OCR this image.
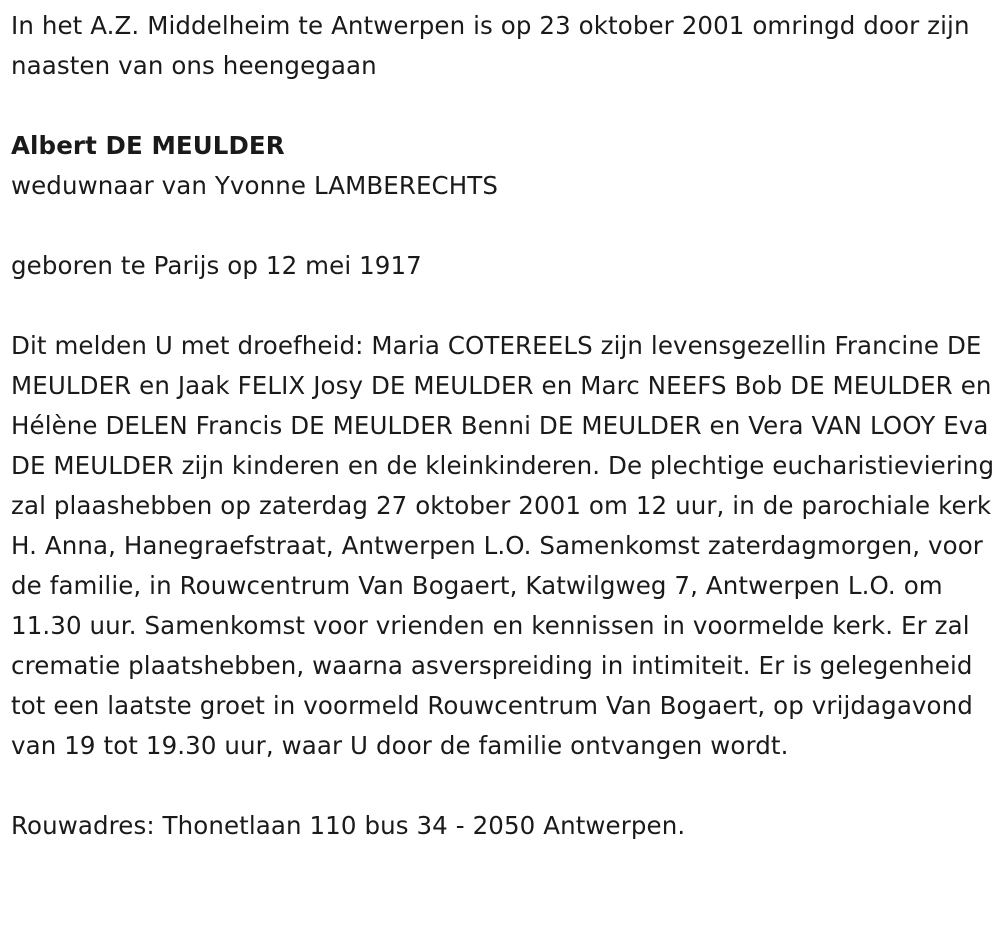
In het A.Z. Middelheim te Antwerpen is op 23 oktober 2001 omringd door zijn naasten van ons heengegaan

Albert DE MEULDER

weduwnaar van Yvonne LAMBERECHTS

geboren te Parijs op 12 mei 1917

Dit melden U met droefheid: Maria COTEREELS zijn levensgezellin Francine DE MEULDER en Jaak FELIX Josy DE MEULDER en Marc NEEFS Bob DE MEULDER en Hélène DELEN Francis DE MEULDER Benni DE MEULDER en Vera VAN LOOY Eva DE MEULDER zijn kinderen en de kleinkinderen. De plechtige eucharistieviering zal plaashebben op zaterdag 27 oktober 2001 om 12 uur, in de parochiale kerk H. Anna, Hanegraefstraat, Antwerpen L.O. Samenkomst zaterdagmorgen, voor de familie, in Rouwcentrum Van Bogaert, Katwilgweg 7, Antwerpen L.O. om 11.30 uur. Samenkomst voor vrienden en kennissen in voormelde kerk. Er zal crematie plaatshebben, waarna asverspreiding in intimiteit. Er is gelegenheid tot een laatste groet in voormeld Rouwcentrum Van Bogaert, op vrijdagavond van 19 tot 19.30 uur, waar U door de familie ontvangen wordt.

Rouwadres: Thonetlaan 110 bus 34 - 2050 Antwerpen.
